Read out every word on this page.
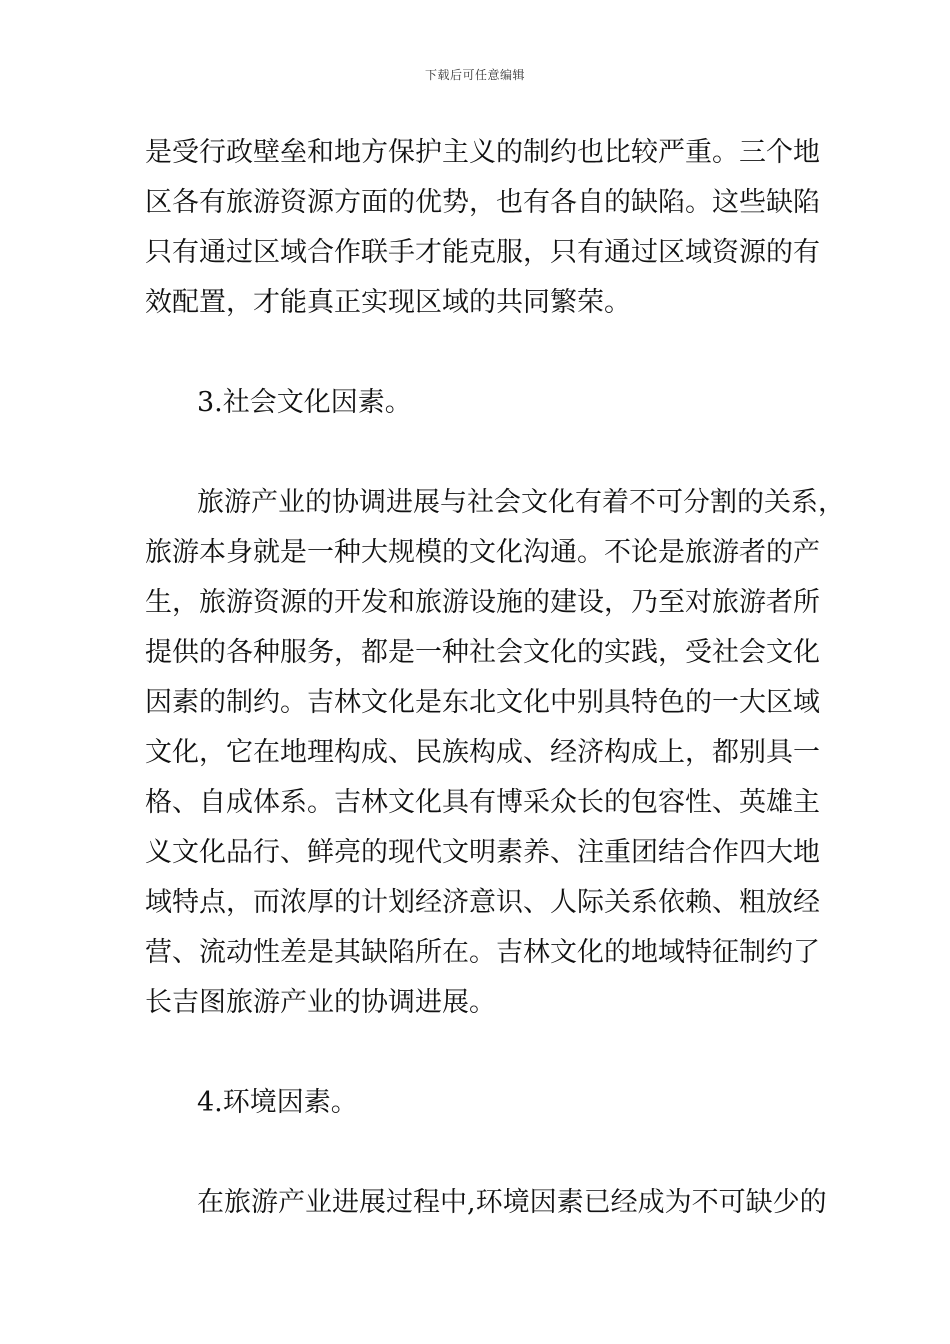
下载后可任意编辑
是受行政壁垒和地方保护主义的制约也比较严重。三个地
区各有旅游资源方面的优势，也有各自的缺陷。这些缺陷
只有通过区域合作联手才能克服，只有通过区域资源的有
效配置，才能真正实现区域的共同繁荣。
3.社会文化因素。
旅游产业的协调进展与社会文化有着不可分割的关系，
旅游本身就是一种大规模的文化沟通。不论是旅游者的产
生，旅游资源的开发和旅游设施的建设，乃至对旅游者所
提供的各种服务，都是一种社会文化的实践，受社会文化
因素的制约。吉林文化是东北文化中别具特色的一大区域
文化，它在地理构成、民族构成、经济构成上，都别具一
格、自成体系。吉林文化具有博采众长的包容性、英雄主
义文化品行、鲜亮的现代文明素养、注重团结合作四大地
域特点，而浓厚的计划经济意识、人际关系依赖、粗放经
营、流动性差是其缺陷所在。吉林文化的地域特征制约了
长吉图旅游产业的协调进展。
4.环境因素。
在旅游产业进展过程中,环境因素已经成为不可缺少的
